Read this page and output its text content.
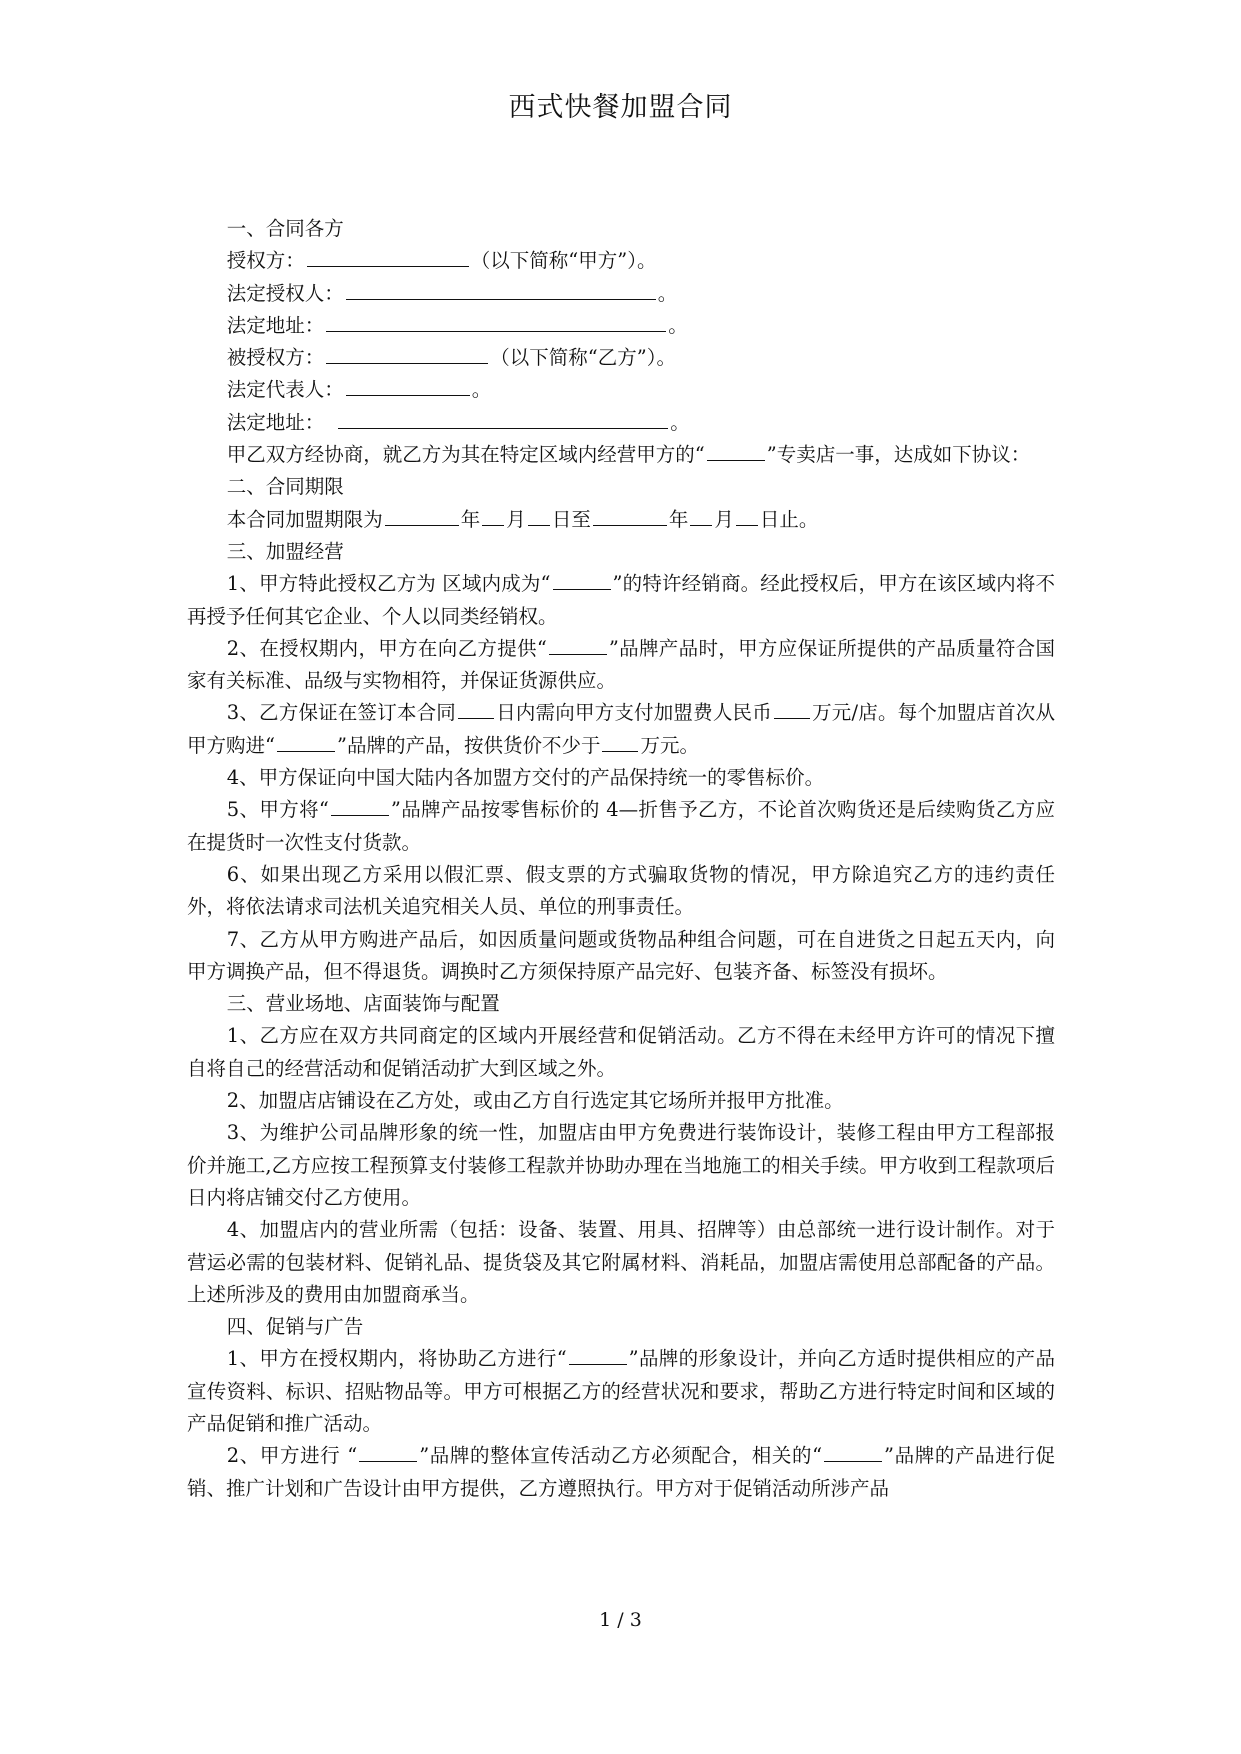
西式快餐加盟合同

一、合同各方

授权方：	（以下简称“甲方”）。

法定授权人：	。

法定地址：	。

被授权方：	（以下简称“乙方”）。

法定代表人：	。

法定地址：	。

甲乙双方经协商，就乙方为其在特定区域内经营甲方的“	”专卖店一事，达成如下协议：

二、合同期限

本合同加盟期限为	年 月 日至	年 月 日止。

三、加盟经营

1、甲方特此授权乙方为 区域内成为“	”的特许经销商。经此授权后，甲方在该区域内将不再授予任何其它企业、个人以同类经销权。

2、在授权期内，甲方在向乙方提供“	”品牌产品时，甲方应保证所提供的产品质量符合国家有关标准、品级与实物相符，并保证货源供应。

3、乙方保证在签订本合同 日内需向甲方支付加盟费人民币 万元/店。每个加盟店首次从甲方购进“	”品牌的产品，按供货价不少于 万元。

4、甲方保证向中国大陆内各加盟方交付的产品保持统一的零售标价。

5、甲方将“	”品牌产品按零售标价的 4—折售予乙方，不论首次购货还是后续购货乙方应在提货时一次性支付货款。

6、如果出现乙方采用以假汇票、假支票的方式骗取货物的情况，甲方除追究乙方的违约责任外，将依法请求司法机关追究相关人员、单位的刑事责任。

7、乙方从甲方购进产品后，如因质量问题或货物品种组合问题，可在自进货之日起五天内，向甲方调换产品，但不得退货。调换时乙方须保持原产品完好、包装齐备、标签没有损坏。

三、营业场地、店面装饰与配置

1、乙方应在双方共同商定的区域内开展经营和促销活动。乙方不得在未经甲方许可的情况下擅自将自己的经营活动和促销活动扩大到区域之外。

2、加盟店店铺设在乙方处，或由乙方自行选定其它场所并报甲方批准。

3、为维护公司品牌形象的统一性，加盟店由甲方免费进行装饰设计，装修工程由甲方工程部报价并施工,乙方应按工程预算支付装修工程款并协助办理在当地施工的相关手续。甲方收到工程款项后 日内将店铺交付乙方使用。

4、加盟店内的营业所需（包括：设备、装置、用具、招牌等）由总部统一进行设计制作。对于营运必需的包装材料、促销礼品、提货袋及其它附属材料、消耗品，加盟店需使用总部配备的产品。上述所涉及的费用由加盟商承当。

四、促销与广告

1、甲方在授权期内，将协助乙方进行“	”品牌的形象设计，并向乙方适时提供相应的产品宣传资料、标识、招贴物品等。甲方可根据乙方的经营状况和要求，帮助乙方进行特定时间和区域的产品促销和推广活动。

2、甲方进行 “	”品牌的整体宣传活动乙方必须配合，相关的“	”品牌的产品进行促销、推广计划和广告设计由甲方提供，乙方遵照执行。甲方对于促销活动所涉产品

1 / 3
